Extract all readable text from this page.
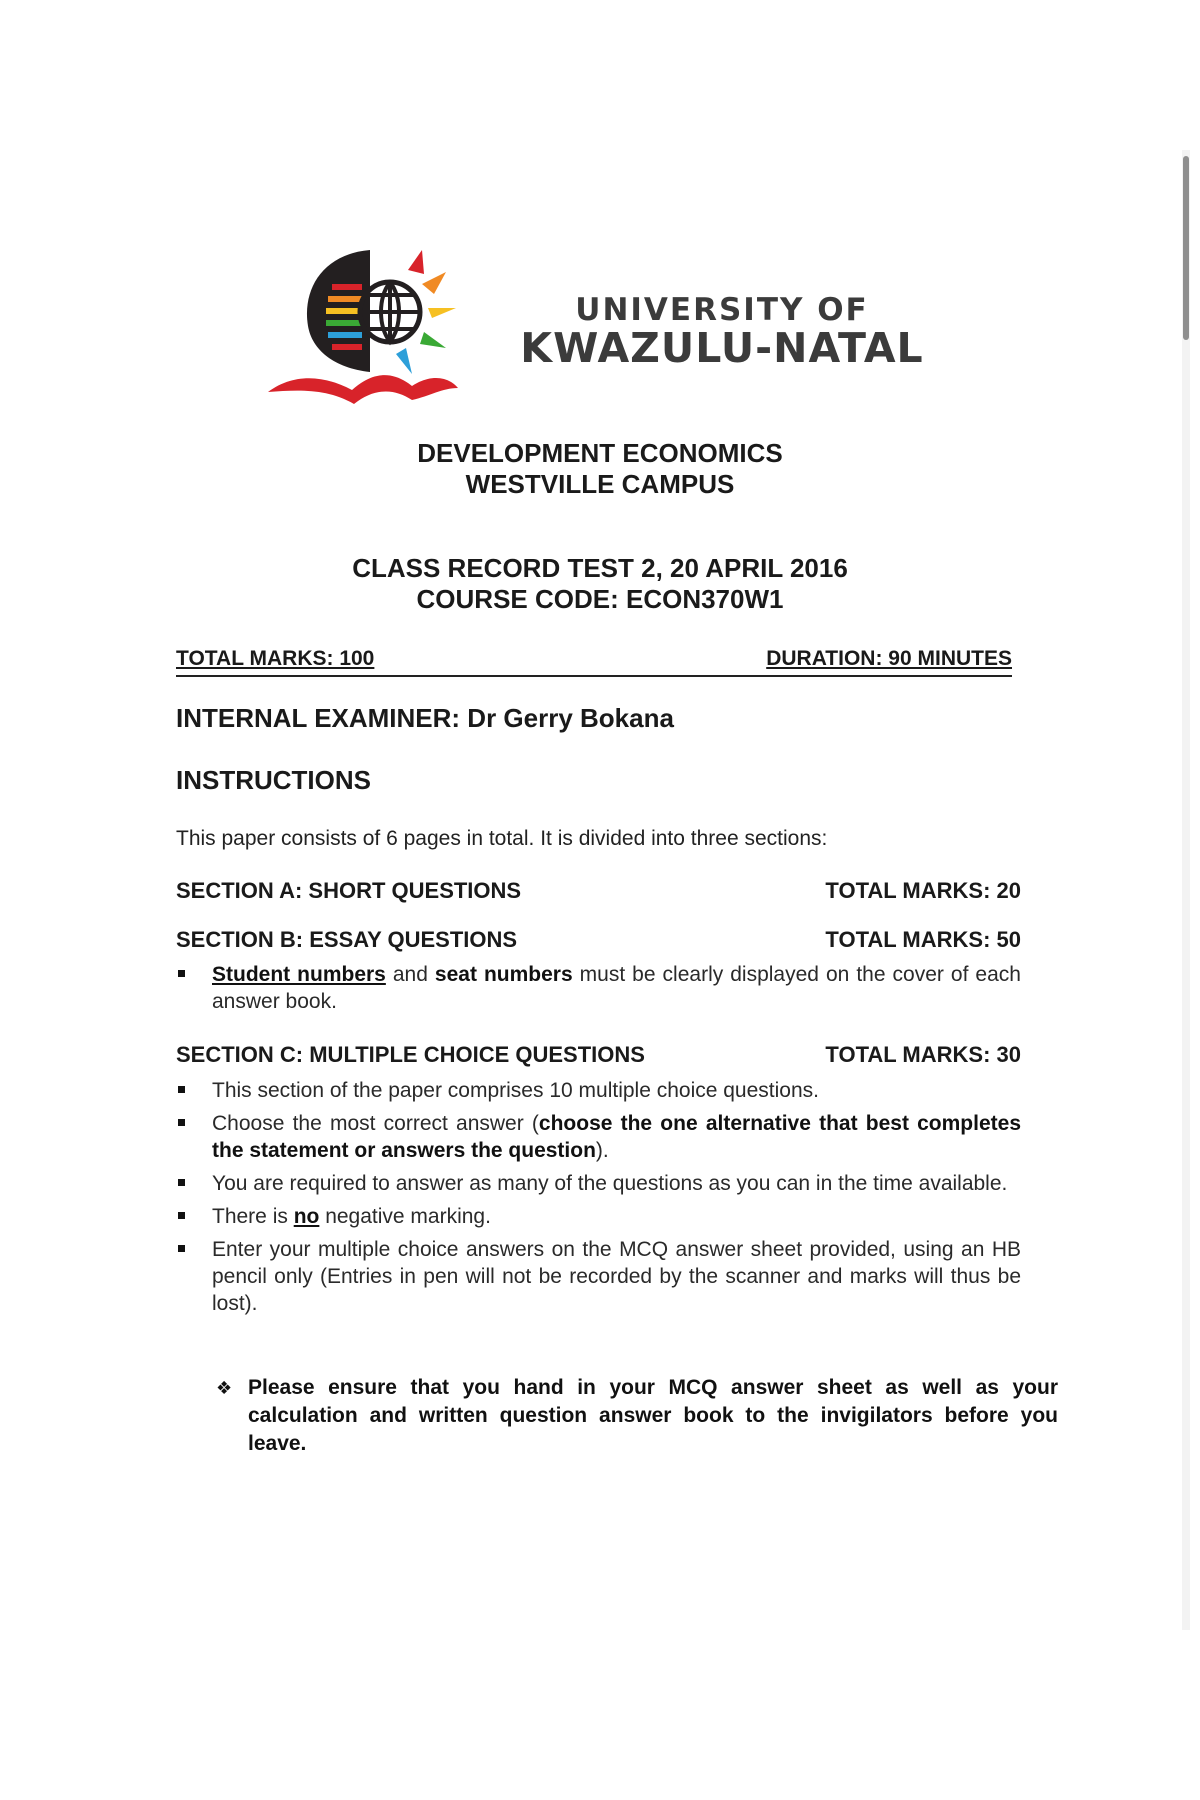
UNIVERSITY OF
KWAZULU-NATAL
DEVELOPMENT ECONOMICS
WESTVILLE CAMPUS
CLASS RECORD TEST 2, 20 APRIL 2016
COURSE CODE: ECON370W1
TOTAL MARKS: 100	DURATION: 90 MINUTES
INTERNAL EXAMINER: Dr Gerry Bokana
INSTRUCTIONS
This paper consists of 6 pages in total. It is divided into three sections:
SECTION A: SHORT QUESTIONS	TOTAL MARKS: 20
SECTION B: ESSAY QUESTIONS	TOTAL MARKS: 50
Student numbers and seat numbers must be clearly displayed on the cover of each answer book.
SECTION C: MULTIPLE CHOICE QUESTIONS	TOTAL MARKS: 30
This section of the paper comprises 10 multiple choice questions.
Choose the most correct answer (choose the one alternative that best completes the statement or answers the question).
You are required to answer as many of the questions as you can in the time available.
There is no negative marking.
Enter your multiple choice answers on the MCQ answer sheet provided, using an HB pencil only (Entries in pen will not be recorded by the scanner and marks will thus be lost).
❖ Please ensure that you hand in your MCQ answer sheet as well as your calculation and written question answer book to the invigilators before you leave.
